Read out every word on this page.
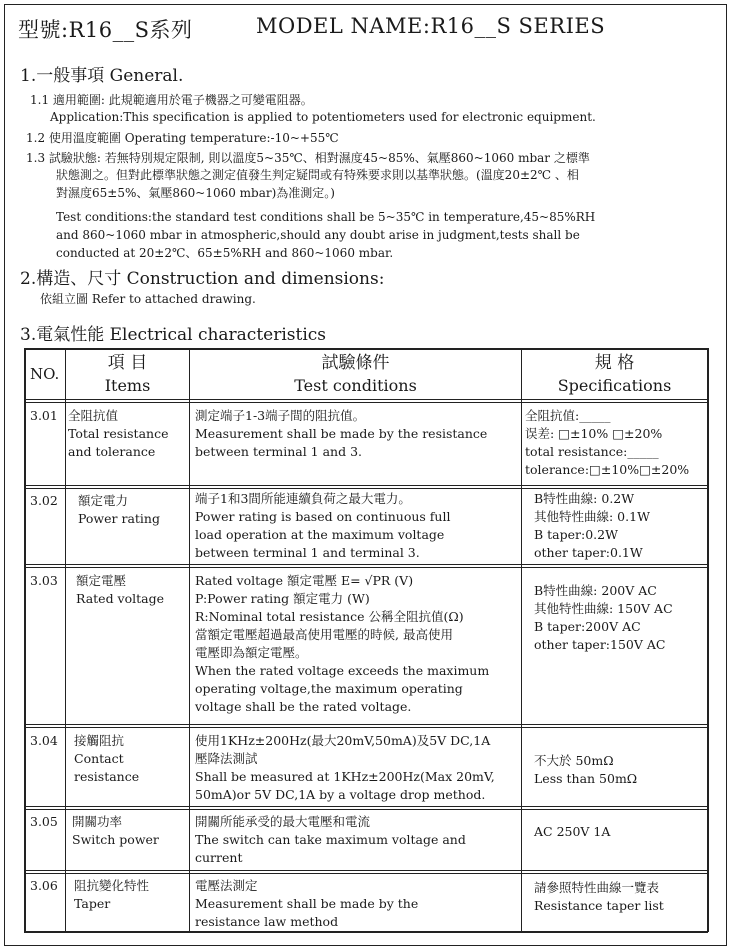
型號:R16__S系列	MODEL NAME:R16__S SERIES
1.一般事項 General.
1.1 適用範圍: 此規範適用於電子機器之可變電阻器。
Application:This specification is applied to potentiometers used for electronic equipment.
1.2 使用溫度範圍 Operating temperature:-10~+55℃
1.3 試驗狀態: 若無特別規定限制, 則以溫度5~35℃、相對濕度45~85%、氣壓860~1060 mbar 之標準
狀態測之。但對此標準狀態之測定值發生判定疑問或有特殊要求則以基準狀態。(溫度20±2℃ 、相
對濕度65±5%、氣壓860~1060 mbar)為准測定。)
Test conditions:the standard test conditions shall be 5~35℃ in temperature,45~85%RH
and 860~1060 mbar in atmospheric,should any doubt arise in judgment,tests shall be
conducted at 20±2℃、65±5%RH and 860~1060 mbar.
2.構造、尺寸 Construction and dimensions:
依組立圖 Refer to attached drawing.
3.電氣性能 Electrical characteristics
NO.
項 目
Items
試驗條件
Test conditions
規 格
Specifications
3.01 全阻抗值
Total resistance
and tolerance
測定端子1-3端子間的阻抗值。
Measurement shall be made by the resistance
between terminal 1 and 3.
全阻抗值:_____
误差: □±10% □±20%
total resistance:_____
tolerance:□±10%□±20%
3.02 額定電力
Power rating
端子1和3間所能連續負荷之最大電力。
Power rating is based on continuous full
load operation at the maximum voltage
between terminal 1 and terminal 3.
B特性曲線: 0.2W
其他特性曲線: 0.1W
B taper:0.2W
other taper:0.1W
3.03 額定電壓
Rated voltage
Rated voltage 額定電壓 E= √PR (V)
P:Power rating 額定電力 (W)
R:Nominal total resistance 公稱全阻抗值(Ω)
當額定電壓超過最高使用電壓的時候, 最高使用
電壓即為額定電壓。
When the rated voltage exceeds the maximum
operating voltage,the maximum operating
voltage shall be the rated voltage.
B特性曲線: 200V AC
其他特性曲線: 150V AC
B taper:200V AC
other taper:150V AC
3.04 接觸阻抗
Contact
resistance
使用1KHz±200Hz(最大20mV,50mA)及5V DC,1A
壓降法測試
Shall be measured at 1KHz±200Hz(Max 20mV,
50mA)or 5V DC,1A by a voltage drop method.
不大於 50mΩ
Less than 50mΩ
3.05 開關功率
Switch power
開關所能承受的最大電壓和電流
The switch can take maximum voltage and
current
AC 250V 1A
3.06 阻抗變化特性
Taper
電壓法測定
Measurement shall be made by the
resistance law method
請參照特性曲線一覽表
Resistance taper list
